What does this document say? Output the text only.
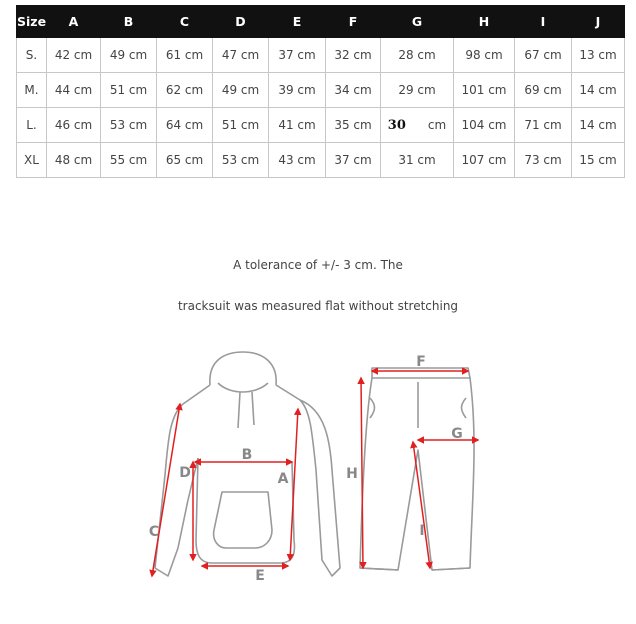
Size	A	B	C	D	E	F	G	H	I	J
S.	42 cm	49 cm	61 cm	47 cm	37 cm	32 cm	28 cm	98 cm	67 cm	13 cm
M.	44 cm	51 cm	62 cm	49 cm	39 cm	34 cm	29 cm	101 cm	69 cm	14 cm
L.	46 cm	53 cm	64 cm	51 cm	41 cm	35 cm	30 cm	104 cm	71 cm	14 cm
XL	48 cm	55 cm	65 cm	53 cm	43 cm	37 cm	31 cm	107 cm	73 cm	15 cm
A tolerance of +/- 3 cm. The
tracksuit was measured flat without stretching
A
B
C
D
E
F
G
H
I
